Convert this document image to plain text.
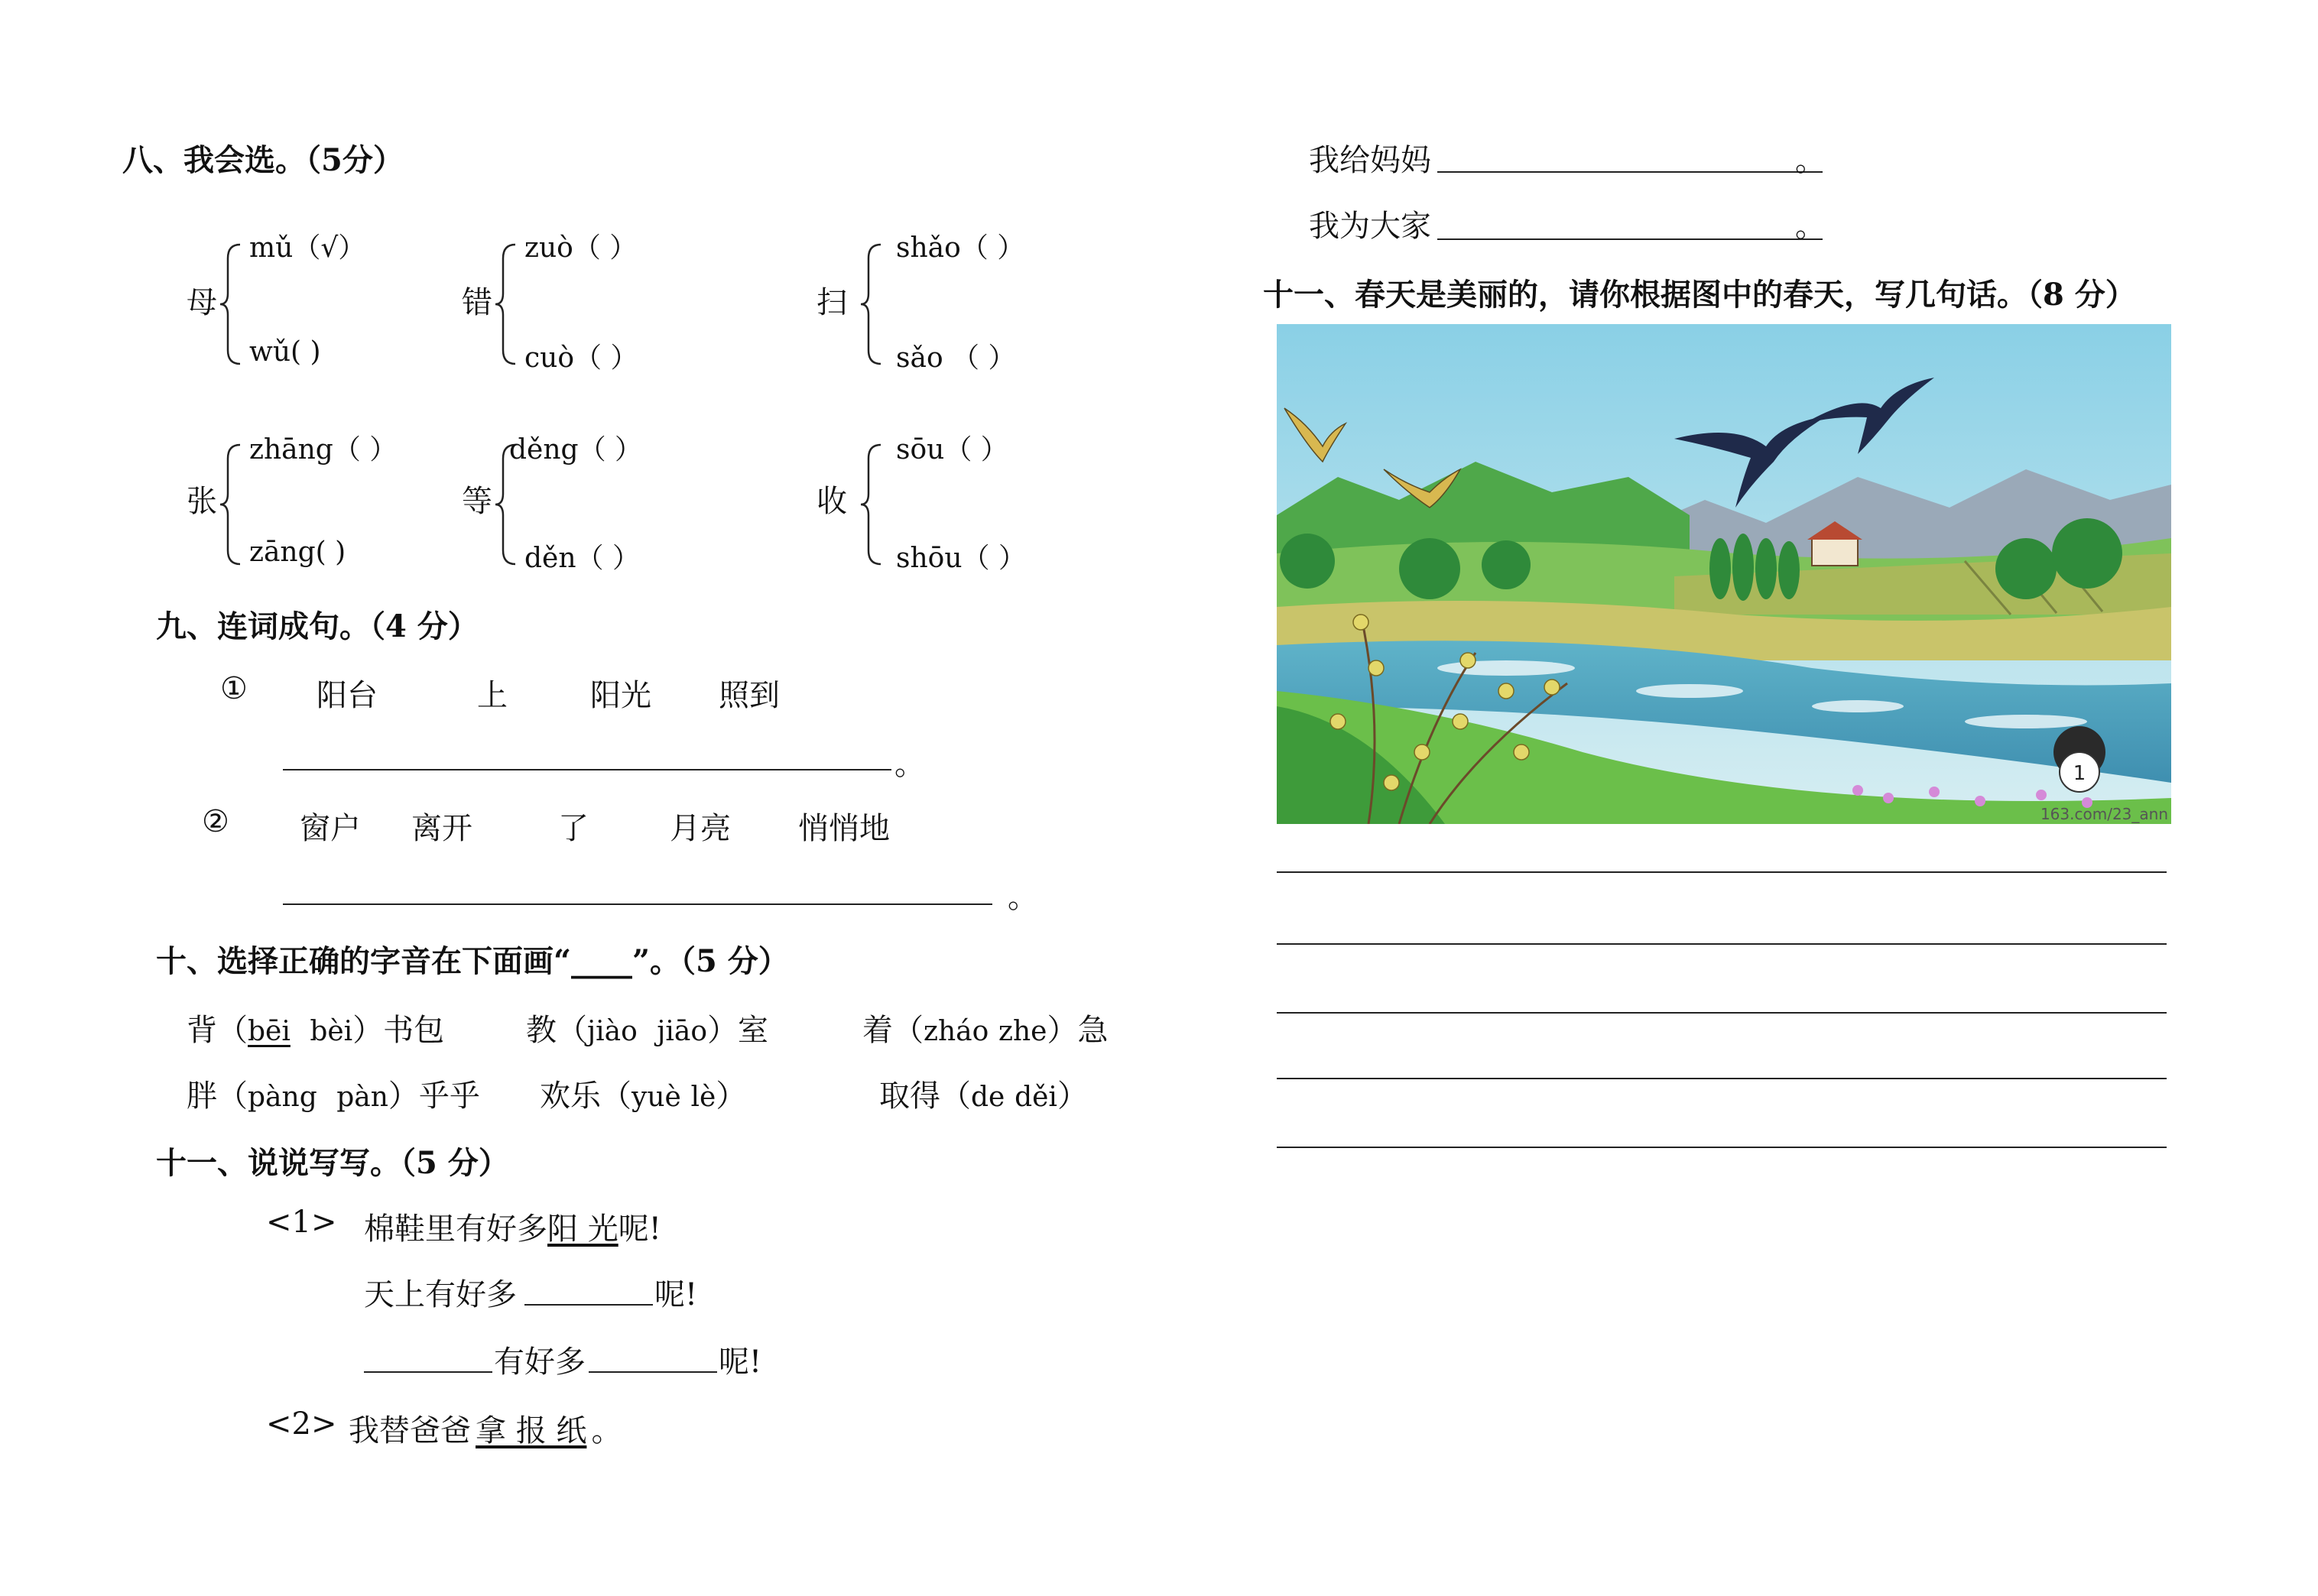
八、我会选。（5分）
母
mǔ（√）
wǔ( )
错
zuò（ ）
cuò（ ）
扫
shǎo（ ）
sǎo （ ）
张
zhāng（ ）
zāng( )
等
děng（ ）
děn（ ）
收
sōu（ ）
shōu（ ）
九、连词成句。（4 分）
① 阳台	上	阳光 照到
。
② 窗户 离开	了	月亮 悄悄地
。
十、选择正确的字音在下面画“____”。（5 分）
背（bēi bèi）书包	教（jiào jiāo）室	着（zháo zhe）急
胖（pàng pàn）乎乎 欢乐（yuè lè）	取得（de děi）
十一、说说写写。（5 分）
<1> 棉鞋里有好多阳 光呢!
天上有好多	呢!
有好多	呢!
<2> 我替爸爸 拿 报 纸 。
我给妈妈	。
我为大家	。
十一、春天是美丽的，请你根据图中的春天，写几句话。（8 分）
1
163.com/23_ann
